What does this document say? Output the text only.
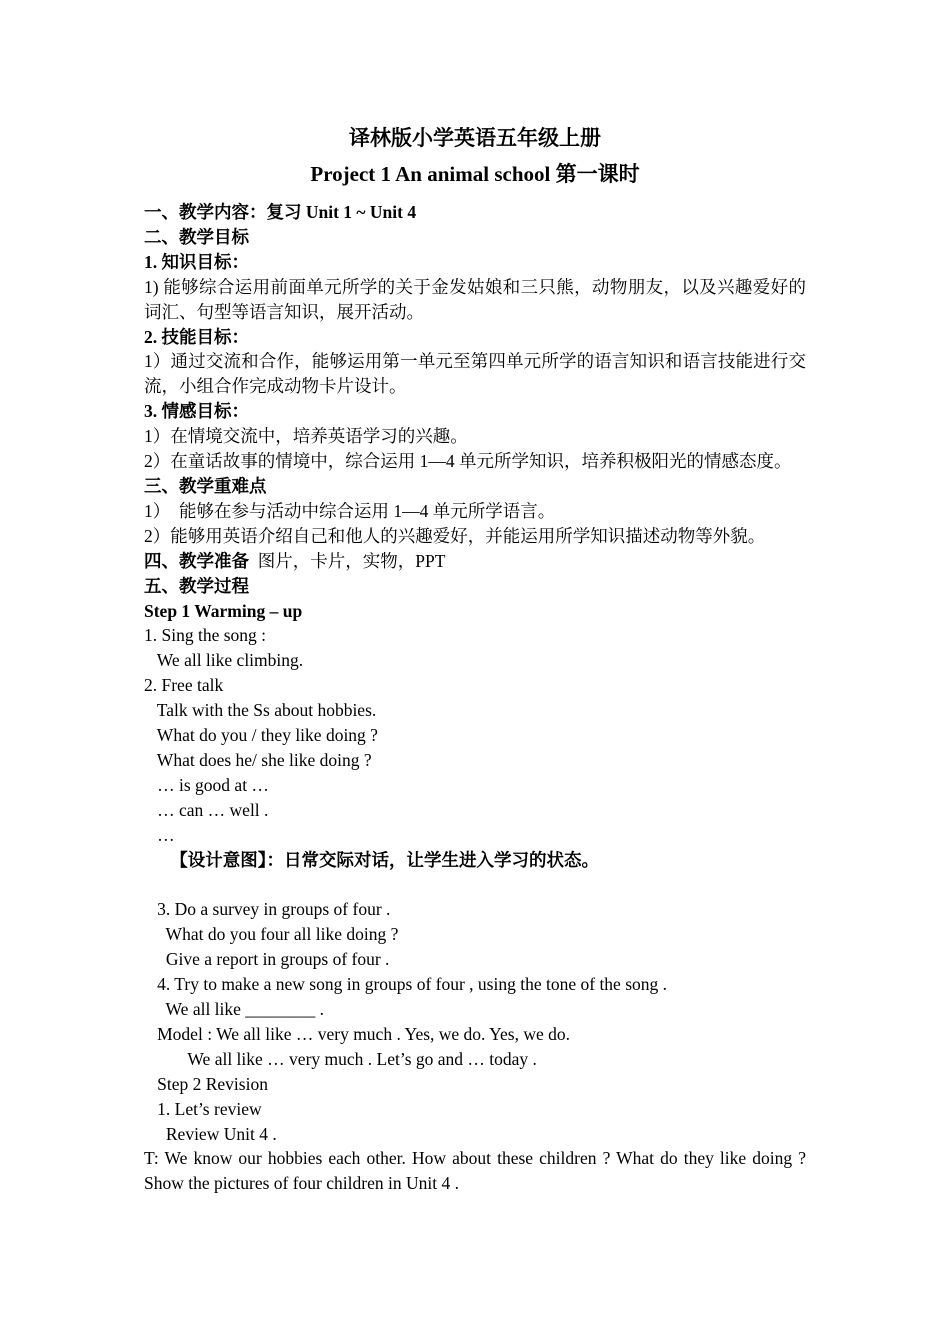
译林版小学英语五年级上册
Project 1 An animal school 第一课时
一、教学内容：复习 Unit 1 ~ Unit 4
二、教学目标
1. 知识目标：
1) 能够综合运用前面单元所学的关于金发姑娘和三只熊，动物朋友，以及兴趣爱好的词汇、句型等语言知识，展开活动。
2. 技能目标：
1）通过交流和合作，能够运用第一单元至第四单元所学的语言知识和语言技能进行交流，小组合作完成动物卡片设计。
3. 情感目标：
1）在情境交流中，培养英语学习的兴趣。
2）在童话故事的情境中，综合运用 1—4 单元所学知识，培养积极阳光的情感态度。
三、教学重难点
1）  能够在参与活动中综合运用 1—4 单元所学语言。
2）能够用英语介绍自己和他人的兴趣爱好，并能运用所学知识描述动物等外貌。
四、教学准备  图片，卡片，实物，PPT
五、教学过程
Step 1 Warming – up
1. Sing the song :
We all like climbing.
2. Free talk
Talk with the Ss about hobbies.
What do you / they like doing ?
What does he/ she like doing ?
… is good at …
… can … well .
…
【设计意图】：日常交际对话，让学生进入学习的状态。
3. Do a survey in groups of four .
What do you four all like doing ?
Give a report in groups of four .
4. Try to make a new song in groups of four , using the tone of the song .
We all like ________ .
Model : We all like … very much . Yes, we do. Yes, we do.
We all like … very much . Let’s go and … today .
Step 2 Revision
1. Let’s review
Review Unit 4 .
T: We know our hobbies each other. How about these children ? What do they like doing ? Show the pictures of four children in Unit 4 .
